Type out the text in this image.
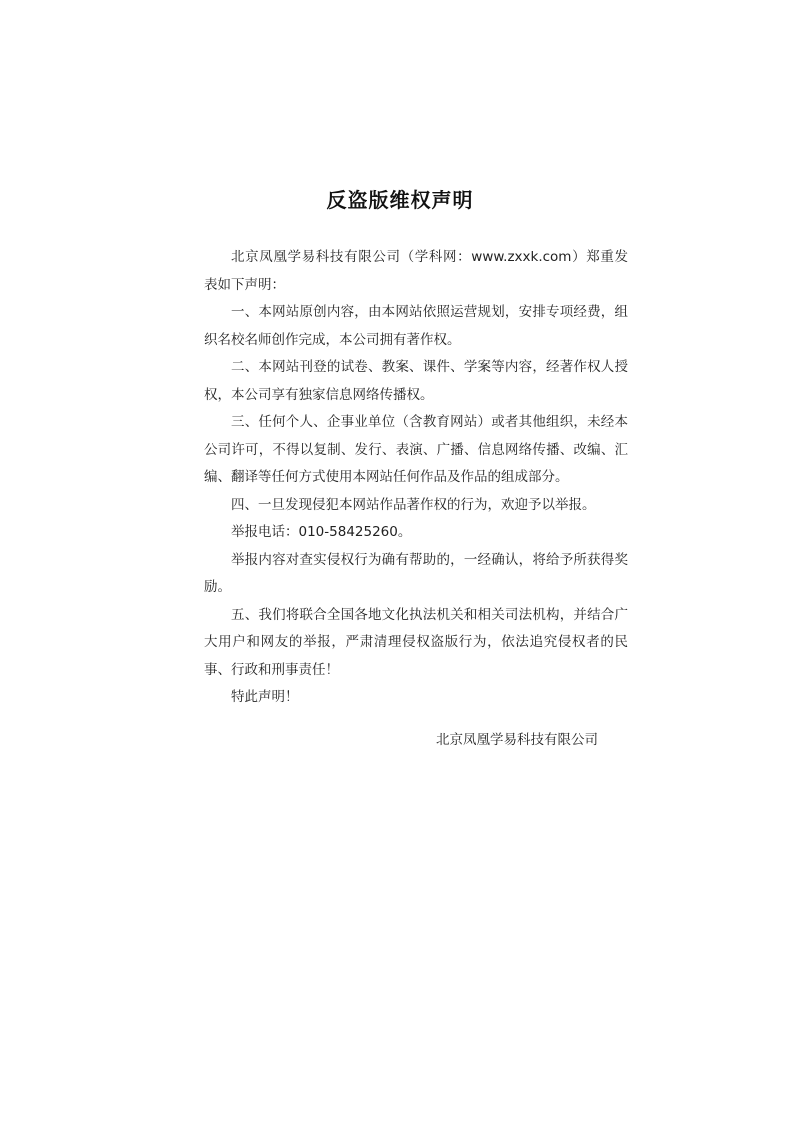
反盗版维权声明

北京凤凰学易科技有限公司（学科网：www.zxxk.com）郑重发表如下声明：

一、本网站原创内容，由本网站依照运营规划，安排专项经费，组织名校名师创作完成，本公司拥有著作权。

二、本网站刊登的试卷、教案、课件、学案等内容，经著作权人授权，本公司享有独家信息网络传播权。

三、任何个人、企事业单位（含教育网站）或者其他组织，未经本公司许可，不得以复制、发行、表演、广播、信息网络传播、改编、汇编、翻译等任何方式使用本网站任何作品及作品的组成部分。

四、一旦发现侵犯本网站作品著作权的行为，欢迎予以举报。

举报电话：010-58425260。

举报内容对查实侵权行为确有帮助的，一经确认，将给予所获得奖励。

五、我们将联合全国各地文化执法机关和相关司法机构，并结合广大用户和网友的举报，严肃清理侵权盗版行为，依法追究侵权者的民事、行政和刑事责任！

特此声明！

北京凤凰学易科技有限公司
